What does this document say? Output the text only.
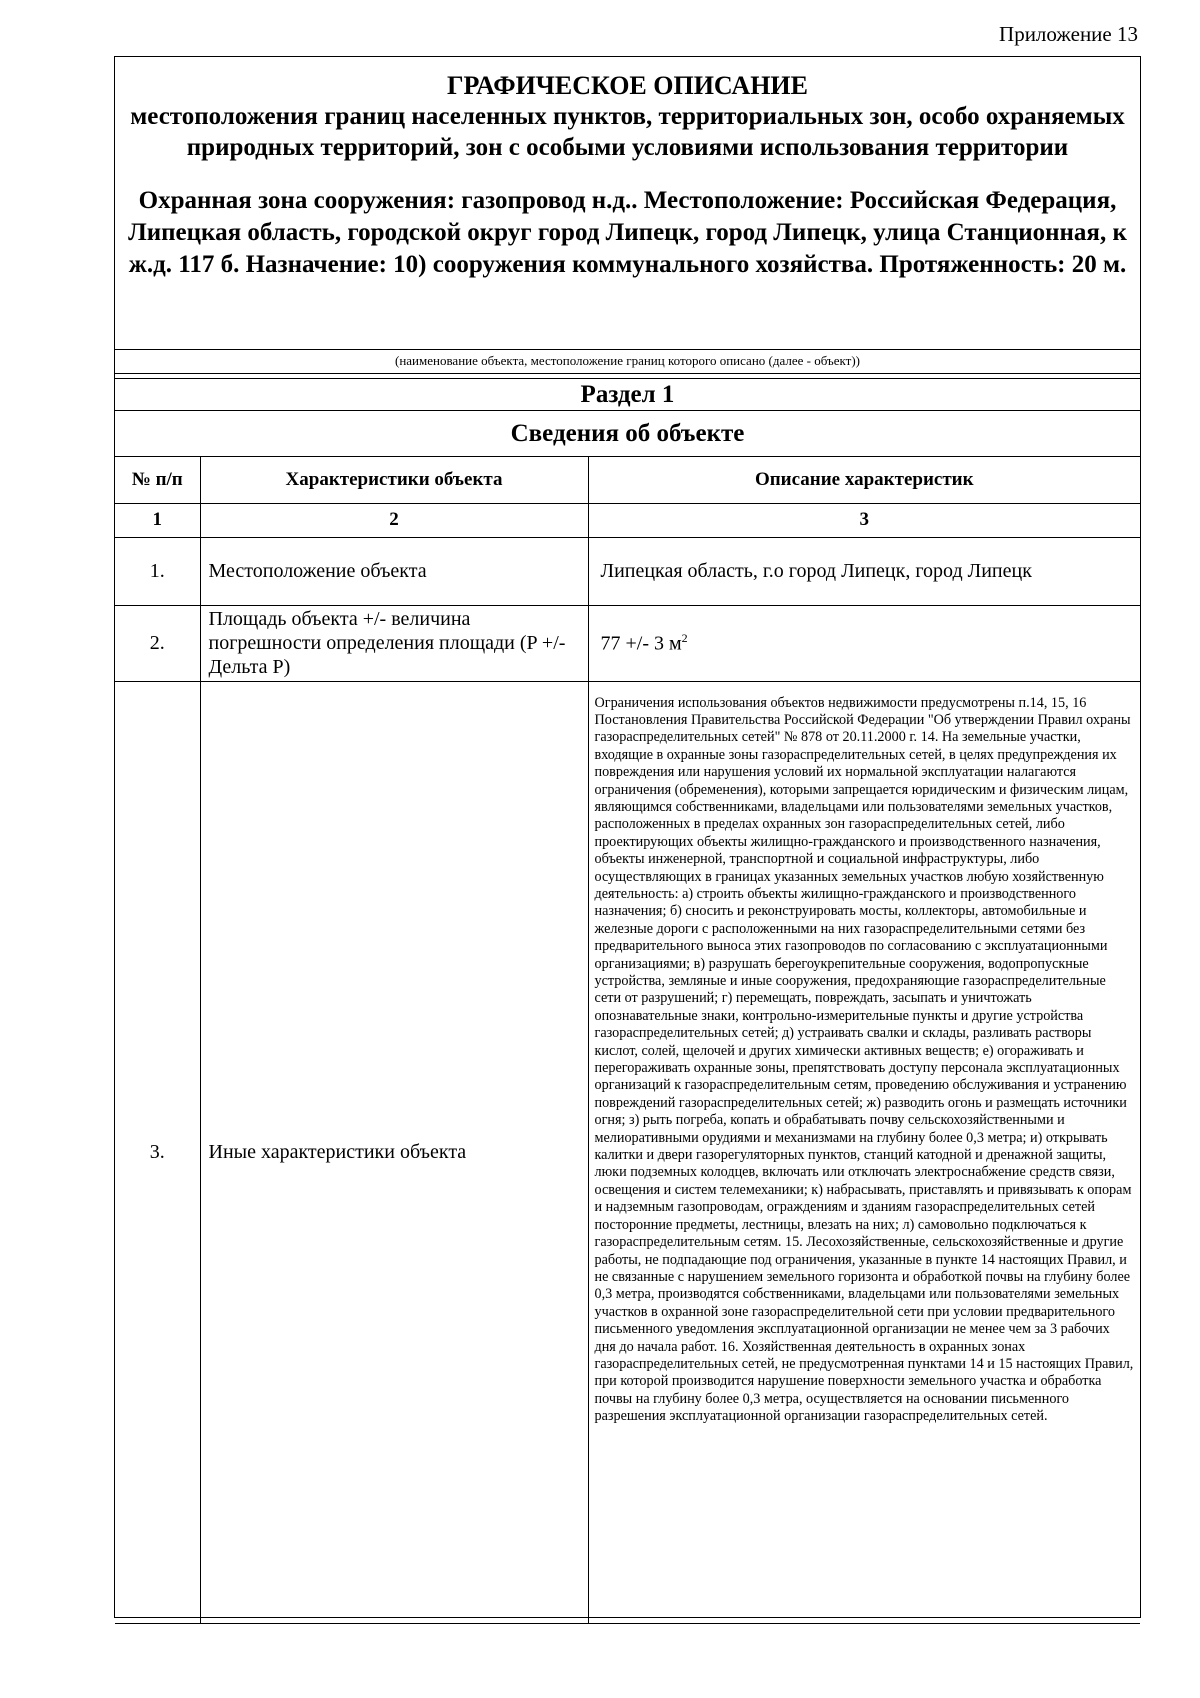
Приложение 13
ГРАФИЧЕСКОЕ ОПИСАНИЕ
местоположения границ населенных пунктов, территориальных зон, особо охраняемых природных территорий, зон с особыми условиями использования территории
Охранная зона сооружения: газопровод н.д.. Местоположение: Российская Федерация, Липецкая область, городской округ город Липецк, город Липецк, улица Станционная, к ж.д. 117 б. Назначение: 10) сооружения коммунального хозяйства. Протяженность: 20 м.
(наименование объекта, местоположение границ которого описано (далее - объект))
Раздел 1
Сведения об объекте
№ п/п	Характеристики объекта	Описание характеристик
1	2	3
1.	Местоположение объекта	Липецкая область, г.о город Липецк, город Липецк
2.	Площадь объекта +/- величина погрешности определения площади (P +/- Дельта P)	77 +/- 3 $м^2$
3.	Иные характеристики объекта	Ограничения использования объектов недвижимости предусмотрены п.14, 15, 16 Постановления Правительства Российской Федерации "Об утверждении Правил охраны газораспределительных сетей" № 878 от 20.11.2000 г. 14. На земельные участки, входящие в охранные зоны газораспределительных сетей, в целях предупреждения их повреждения или нарушения условий их нормальной эксплуатации налагаются ограничения (обременения), которыми запрещается юридическим и физическим лицам, являющимся собственниками, владельцами или пользователями земельных участков, расположенных в пределах охранных зон газораспределительных сетей, либо проектирующих объекты жилищно-гражданского и производственного назначения, объекты инженерной, транспортной и социальной инфраструктуры, либо осуществляющих в границах указанных земельных участков любую хозяйственную деятельность: а) строить объекты жилищно-гражданского и производственного назначения; б) сносить и реконструировать мосты, коллекторы, автомобильные и железные дороги с расположенными на них газораспределительными сетями без предварительного выноса этих газопроводов по согласованию с эксплуатационными организациями; в) разрушать берегоукрепительные сооружения, водопропускные устройства, земляные и иные сооружения, предохраняющие газораспределительные сети от разрушений; г) перемещать, повреждать, засыпать и уничтожать опознавательные знаки, контрольно-измерительные пункты и другие устройства газораспределительных сетей; д) устраивать свалки и склады, разливать растворы кислот, солей, щелочей и других химически активных веществ; е) огораживать и перегораживать охранные зоны, препятствовать доступу персонала эксплуатационных организаций к газораспределительным сетям, проведению обслуживания и устранению повреждений газораспределительных сетей; ж) разводить огонь и размещать источники огня; з) рыть погреба, копать и обрабатывать почву сельскохозяйственными и мелиоративными орудиями и механизмами на глубину более 0,3 метра; и) открывать калитки и двери газорегуляторных пунктов, станций катодной и дренажной защиты, люки подземных колодцев, включать или отключать электроснабжение средств связи, освещения и систем телемеханики; к) набрасывать, приставлять и привязывать к опорам и надземным газопроводам, ограждениям и зданиям газораспределительных сетей посторонние предметы, лестницы, влезать на них; л) самовольно подключаться к газораспределительным сетям. 15. Лесохозяйственные, сельскохозяйственные и другие работы, не подпадающие под ограничения, указанные в пункте 14 настоящих Правил, и не связанные с нарушением земельного горизонта и обработкой почвы на глубину более 0,3 метра, производятся собственниками, владельцами или пользователями земельных участков в охранной зоне газораспределительной сети при условии предварительного письменного уведомления эксплуатационной организации не менее чем за 3 рабочих дня до начала работ. 16. Хозяйственная деятельность в охранных зонах газораспределительных сетей, не предусмотренная пунктами 14 и 15 настоящих Правил, при которой производится нарушение поверхности земельного участка и обработка почвы на глубину более 0,3 метра, осуществляется на основании письменного разрешения эксплуатационной организации газораспределительных сетей.
